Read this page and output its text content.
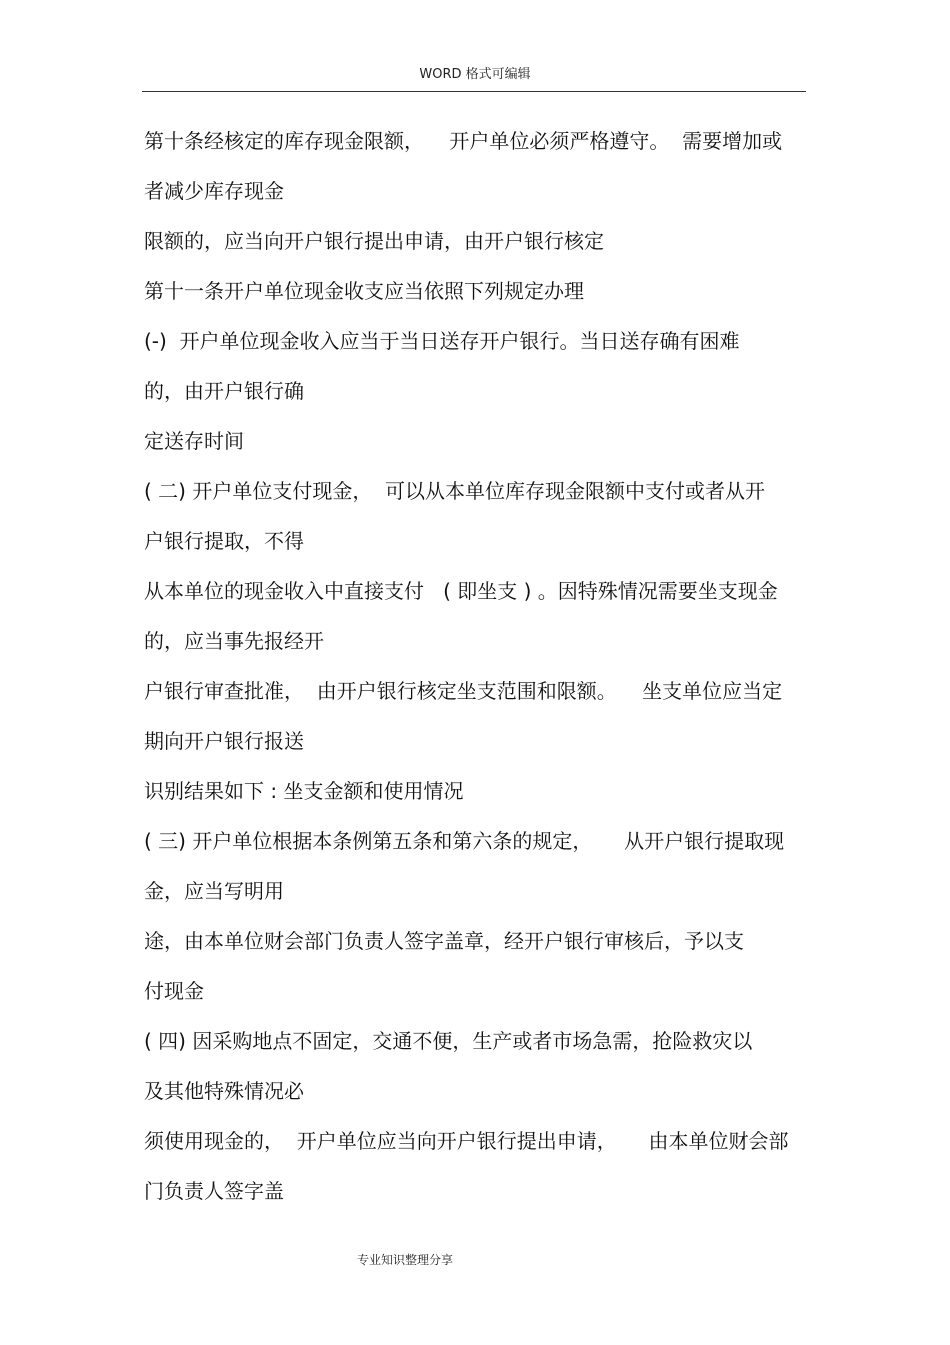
WORD 格式可编辑
第十条经核定的库存现金限额，    开户单位必须严格遵守。  需要增加或
者减少库存现金
限额的，应当向开户银行提出申请，由开户银行核定
第十一条开户单位现金收支应当依照下列规定办理
(-)  开户单位现金收入应当于当日送存开户银行。当日送存确有困难
的，由开户银行确
定送存时间
( 二) 开户单位支付现金，  可以从本单位库存现金限额中支付或者从开
户银行提取，不得
从本单位的现金收入中直接支付   ( 即坐支 ) 。因特殊情况需要坐支现金
的，应当事先报经开
户银行审查批准，  由开户银行核定坐支范围和限额。    坐支单位应当定
期向开户银行报送
识别结果如下 : 坐支金额和使用情况
( 三) 开户单位根据本条例第五条和第六条的规定，     从开户银行提取现
金，应当写明用
途，由本单位财会部门负责人签字盖章，经开户银行审核后，予以支
付现金
( 四) 因采购地点不固定，交通不便，生产或者市场急需，抢险救灾以
及其他特殊情况必
须使用现金的，  开户单位应当向开户银行提出申请，     由本单位财会部
门负责人签字盖
专业知识整理分享
